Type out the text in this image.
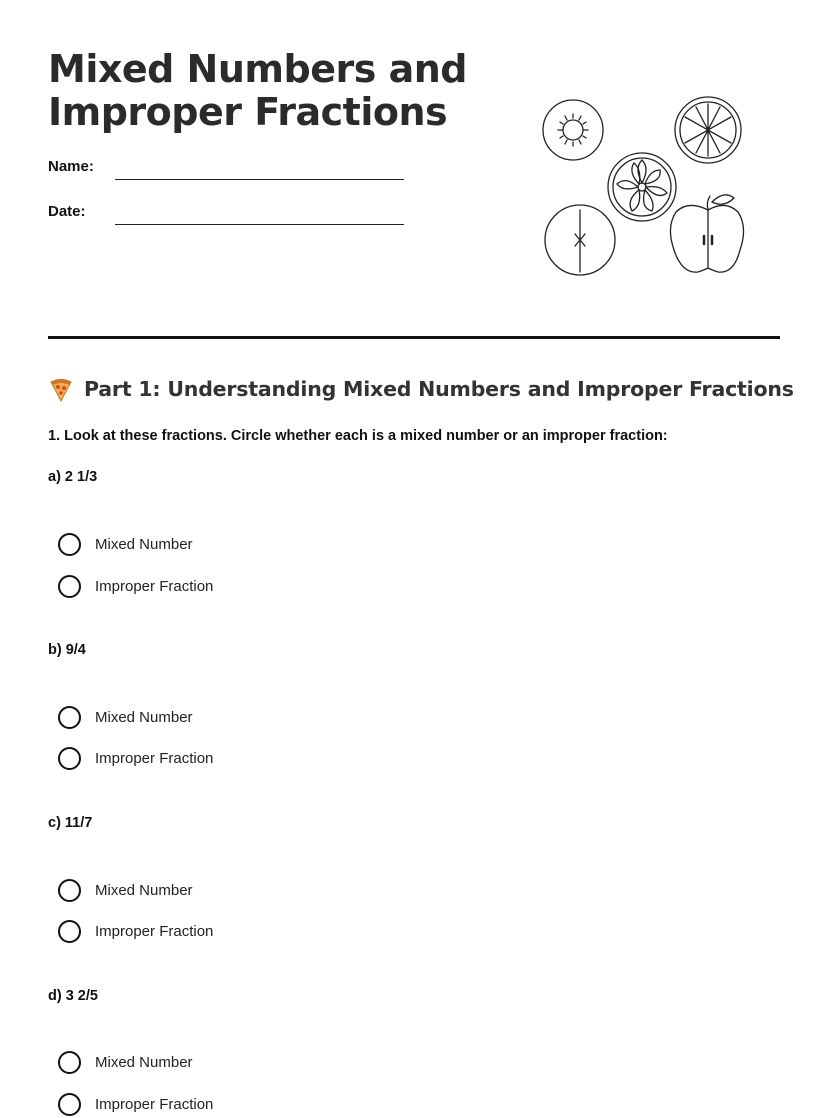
Mixed Numbers and
Improper Fractions
Name:
Date:
Part 1: Understanding Mixed Numbers and Improper Fractions

1. Look at these fractions. Circle whether each is a mixed number or an improper fraction:

a) 2 1/3
Mixed Number
Improper Fraction
b) 9/4
Mixed Number
Improper Fraction
c) 11/7
Mixed Number
Improper Fraction
d) 3 2/5
Mixed Number
Improper Fraction
